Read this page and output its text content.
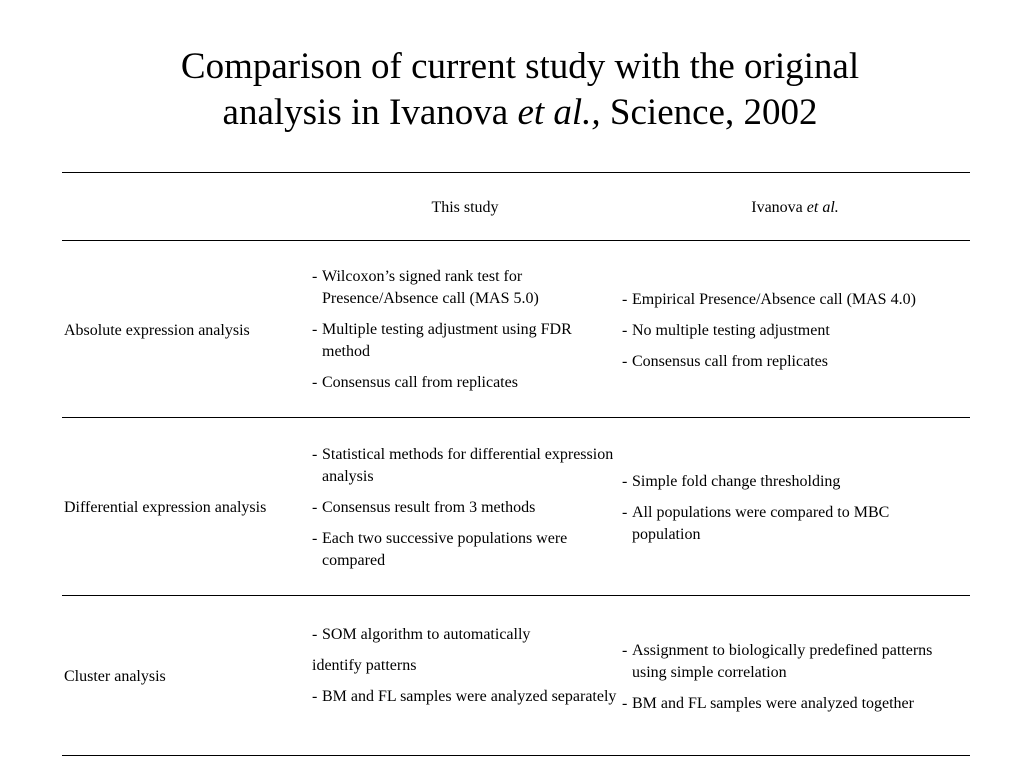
Comparison of current study with the original
analysis in Ivanova et al., Science, 2002
This study	Ivanova et al.
Absolute expression analysis
- Wilcoxon’s signed rank test for Presence/Absence call (MAS 5.0)
- Multiple testing adjustment using FDR method
- Consensus call from replicates
- Empirical Presence/Absence call (MAS 4.0)
- No multiple testing adjustment
- Consensus call from replicates
Differential expression analysis
- Statistical methods for differential expression analysis
- Consensus result from 3 methods
- Each two successive populations were compared
- Simple fold change thresholding
- All populations were compared to MBC population
Cluster analysis
- SOM algorithm to automatically
identify patterns
- BM and FL samples were analyzed separately
- Assignment to biologically predefined patterns using simple correlation
- BM and FL samples were analyzed together
